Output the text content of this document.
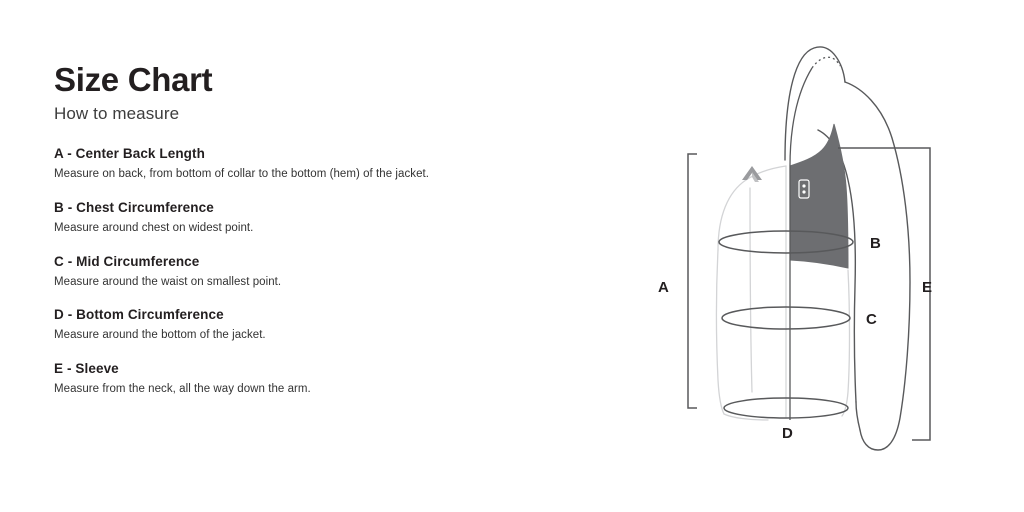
Size Chart
How to measure

A - Center Back Length

Measure on back, from bottom of collar to the bottom (hem) of the jacket.

B - Chest Circumference

Measure around chest on widest point.

C - Mid Circumference

Measure around the waist on smallest point.

D - Bottom Circumference

Measure around the bottom of the jacket.

E - Sleeve

Measure from the neck, all the way down the arm.

A
B
C
D
E
